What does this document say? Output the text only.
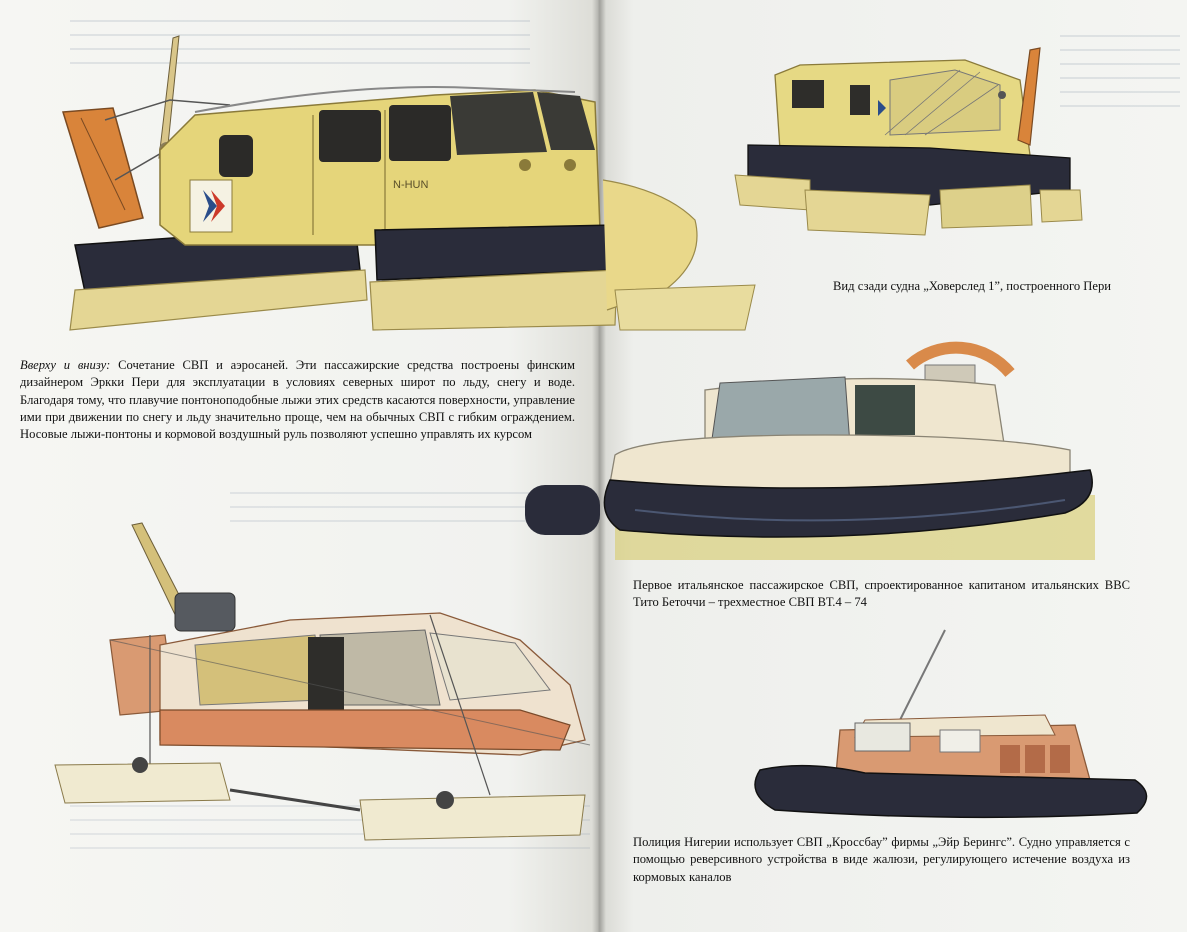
N-HUN
Вверху и внизу: Сочетание СВП и аэросаней. Эти пассажирские средства построены финским дизайнером Эркки Пери для эксплуатации в условиях северных широт по льду, снегу и воде. Благодаря тому, что плавучие понтоноподобные лыжи этих средств касаются поверхности, управление ими при движении по снегу и льду значительно проще, чем на обычных СВП с гибким ограждением. Носовые лыжи-понтоны и кормовой воздушный руль позволяют успешно управлять их курсом
Вид сзади судна „Ховерслед 1”, построенного Пери
Первое итальянское пассажирское СВП, спроектированное капитаном итальянских ВВС Тито Беточчи – трехместное СВП ВТ.4 – 74
Полиция Нигерии использует СВП „Кроссбау” фирмы „Эйр Берингс”. Судно управляется с помощью реверсивного устройства в виде жалюзи, регулирующего истечение воздуха из кормовых каналов
